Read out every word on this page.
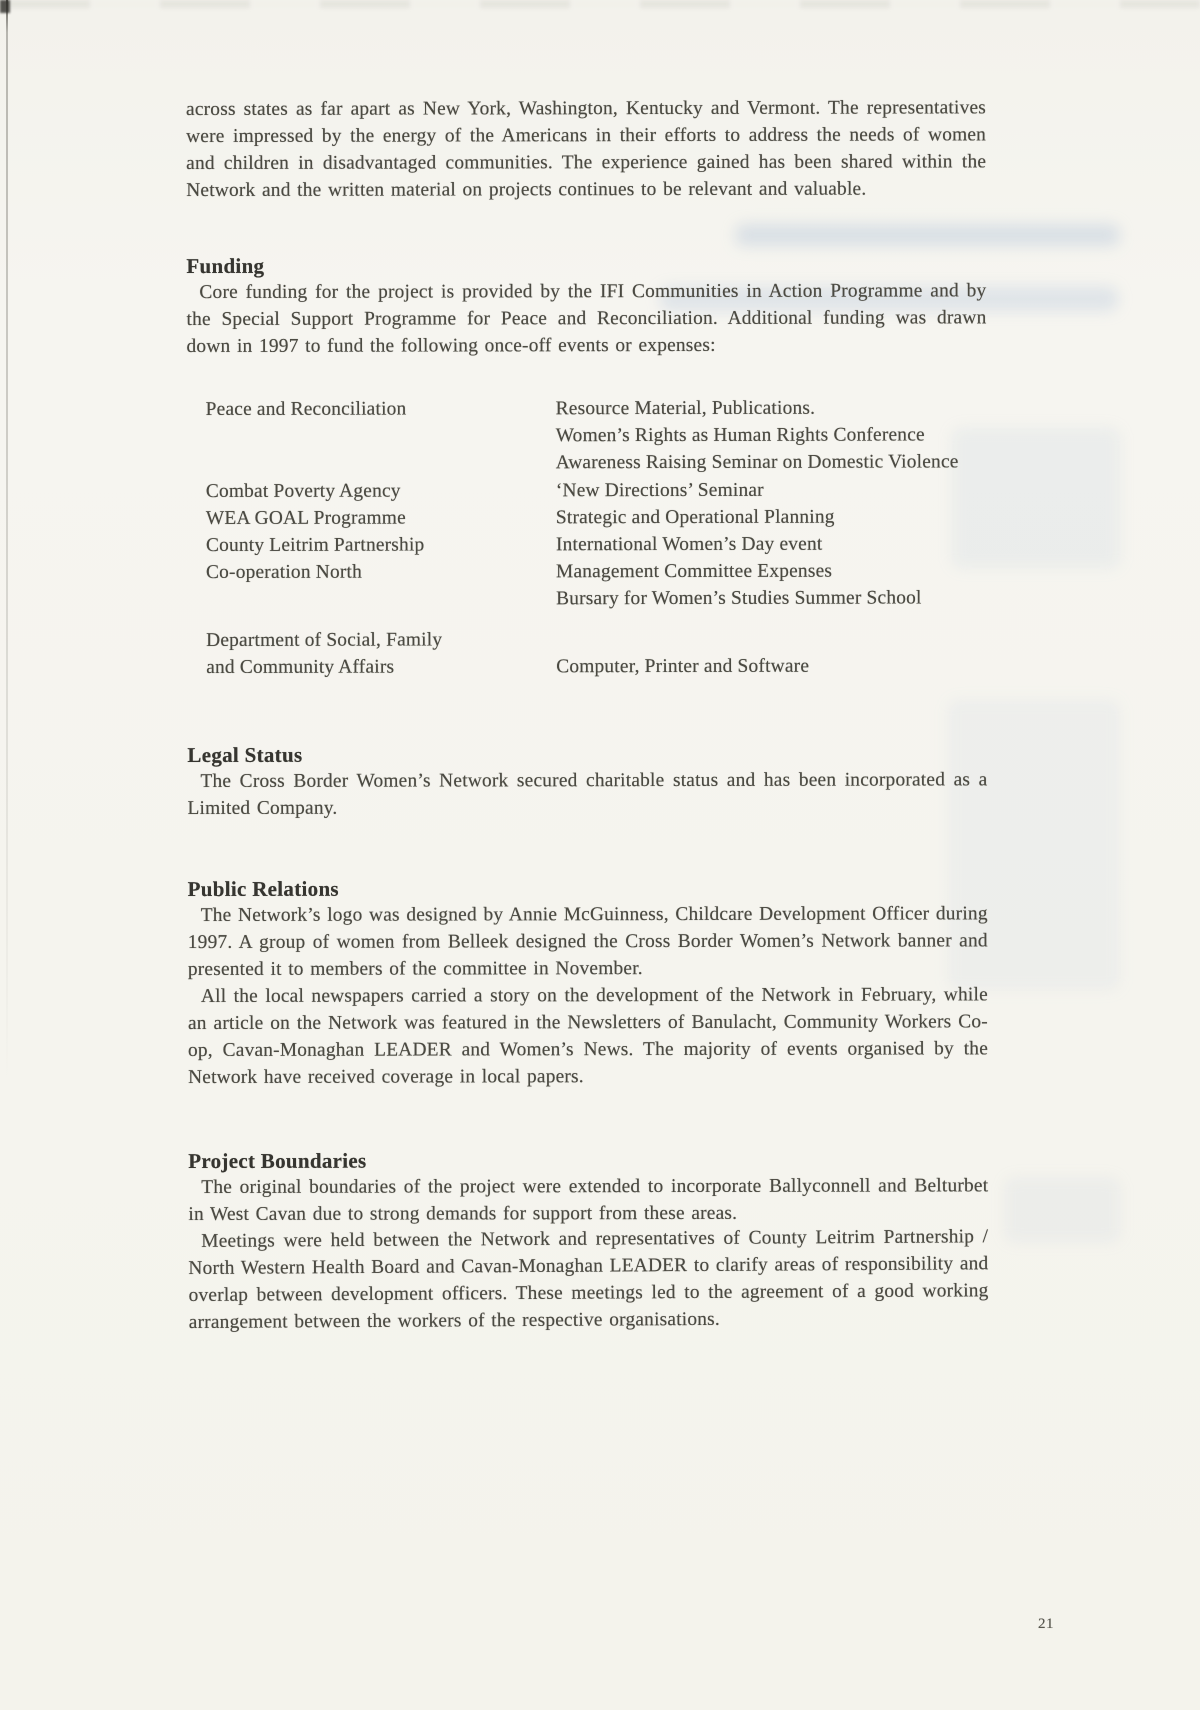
across states as far apart as New York, Washington, Kentucky and Vermont. The representatives were impressed by the energy of the Americans in their efforts to address the needs of women and children in disadvantaged communities. The experience gained has been shared within the Network and the written material on projects continues to be relevant and valuable.

Funding

Core funding for the project is provided by the IFI Communities in Action Programme and by the Special Support Programme for Peace and Reconciliation. Additional funding was drawn down in 1997 to fund the following once-off events or expenses:

Peace and Reconciliation	Resource Material, Publications.
Women’s Rights as Human Rights Conference
Awareness Raising Seminar on Domestic Violence
Combat Poverty Agency	‘New Directions’ Seminar
WEA GOAL Programme	Strategic and Operational Planning
County Leitrim Partnership	International Women’s Day event
Co-operation North	Management Committee Expenses
Bursary for Women’s Studies Summer School
Department of Social, Family
and Community Affairs	Computer, Printer and Software
Legal Status

The Cross Border Women’s Network secured charitable status and has been incorporated as a Limited Company.

Public Relations

The Network’s logo was designed by Annie McGuinness, Childcare Development Officer during 1997. A group of women from Belleek designed the Cross Border Women’s Network banner and presented it to members of the committee in November.

All the local newspapers carried a story on the development of the Network in February, while an article on the Network was featured in the Newsletters of Banulacht, Community Workers Co-op, Cavan-Monaghan LEADER and Women’s News. The majority of events organised by the Network have received coverage in local papers.

Project Boundaries

The original boundaries of the project were extended to incorporate Ballyconnell and Belturbet in West Cavan due to strong demands for support from these areas.

Meetings were held between the Network and representatives of County Leitrim Partnership / North Western Health Board and Cavan-Monaghan LEADER to clarify areas of responsibility and overlap between development officers. These meetings led to the agreement of a good working arrangement between the workers of the respective organisations.

21
